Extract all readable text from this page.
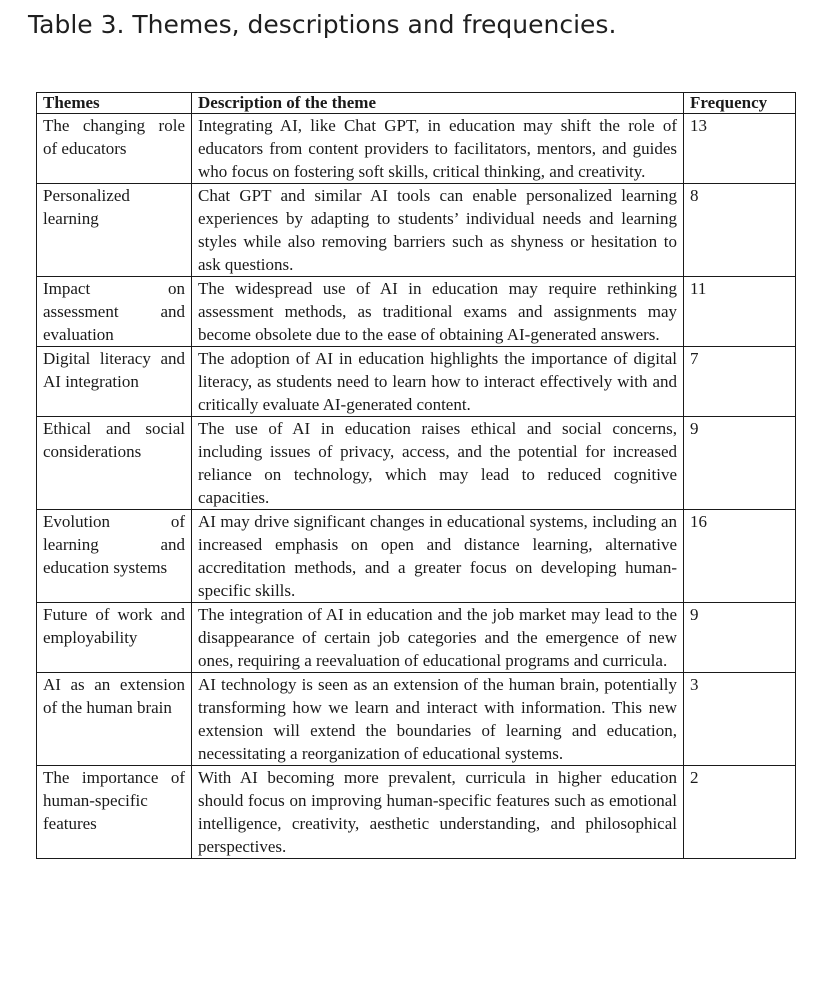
Table 3. Themes, descriptions and frequencies.
Themes	Description of the theme	Frequency
The changing role of educators	Integrating AI, like Chat GPT, in education may shift the role of educators from content providers to facilitators, mentors, and guides who focus on fostering soft skills, critical thinking, and creativity.	13
Personalized learning	Chat GPT and similar AI tools can enable personalized learning experiences by adapting to students’ individual needs and learning styles while also removing barriers such as shyness or hesitation to ask questions.	8
Impact on assessment and evaluation	The widespread use of AI in education may require rethinking assessment methods, as traditional exams and assignments may become obsolete due to the ease of obtaining AI-generated answers.	11
Digital literacy and AI integration	The adoption of AI in education highlights the importance of digital literacy, as students need to learn how to interact effectively with and critically evaluate AI-generated content.	7
Ethical and social considerations	The use of AI in education raises ethical and social concerns, including issues of privacy, access, and the potential for increased reliance on technology, which may lead to reduced cognitive capacities.	9
Evolution of learning and education systems	AI may drive significant changes in educational systems, including an increased emphasis on open and distance learning, alternative accreditation methods, and a greater focus on developing human-specific skills.	16
Future of work and employability	The integration of AI in education and the job market may lead to the disappearance of certain job categories and the emergence of new ones, requiring a reevaluation of educational programs and curricula.	9
AI as an extension of the human brain	AI technology is seen as an extension of the human brain, potentially transforming how we learn and interact with information. This new extension will extend the boundaries of learning and education, necessitating a reorganization of educational systems.	3
The importance of human-specific features	With AI becoming more prevalent, curricula in higher education should focus on improving human-specific features such as emotional intelligence, creativity, aesthetic understanding, and philosophical perspectives.	2
